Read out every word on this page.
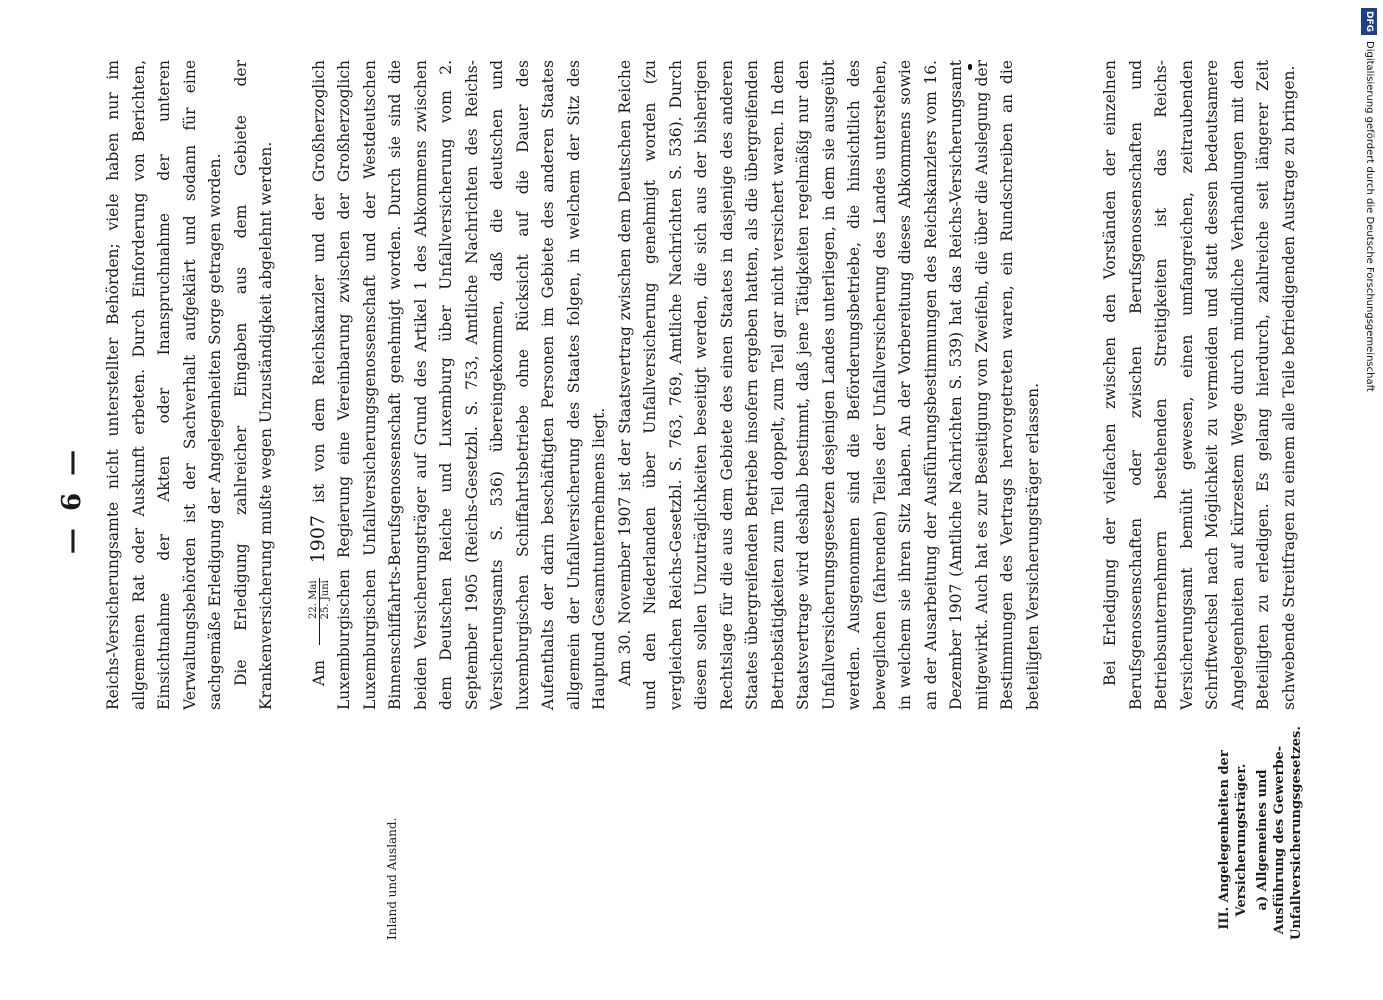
— 6 —
Inland und Ausland.	III. Angelegenheiten der Versicherungsträger. a) Allgemeines und Ausführung des Gewerbe-Unfallversicherungsgesetzes.

Reichs-Versicherungsamte nicht unterstellter Behörden; viele haben nur im allgemeinen Rat oder Auskunft erbeten. Durch Einforderung von Berichten, Einsichtnahme der Akten oder Inanspruchnahme der unteren Verwaltungsbehörden ist der Sachverhalt aufgeklärt und sodann für eine sachgemäße Erledigung der Angelegenheiten Sorge getragen worden. Die Erledigung zahlreicher Eingaben aus dem Gebiete der Krankenversicherung mußte wegen Unzuständigkeit abgelehnt werden. Am
22. Mai 25. Juni
1907 ist von dem Reichskanzler und der Großherzoglich Luxemburgischen Regierung eine Vereinbarung zwischen der Großherzoglich Luxemburgischen Unfallversicherungsgenossenschaft und der Westdeutschen Binnenschiffahrts-Berufsgenossenschaft genehmigt worden. Durch sie sind die beiden Versicherungsträger auf Grund des Artikel 1 des Abkommens zwischen dem Deutschen Reiche und Luxemburg über Unfallversicherung vom 2. September 1905 (Reichs-Gesetzbl. S. 753, Amtliche Nachrichten des Reichs-Versicherungsamts S. 536) übereingekommen, daß die deutschen und luxemburgischen Schiffahrtsbetriebe ohne Rücksicht auf die Dauer des Aufenthalts der darin beschäftigten Personen im Gebiete des anderen Staates allgemein der Unfallversicherung des Staates folgen, in welchem der Sitz des Hauptund Gesamtunternehmens liegt. Am 30. November 1907 ist der Staatsvertrag zwischen dem Deutschen Reiche und den Niederlanden über Unfallversicherung genehmigt worden (zu vergleichen Reichs-Gesetzbl. S. 763, 769, Amtliche Nachrichten S. 536). Durch diesen sollen Unzuträglichkeiten beseitigt werden, die sich aus der bisherigen Rechtslage für die aus dem Gebiete des einen Staates in dasjenige des anderen Staates übergreifenden Betriebe insofern ergeben hatten, als die übergreifenden Betriebstätigkeiten zum Teil doppelt, zum Teil gar nicht versichert waren. In dem Staatsvertrage wird deshalb bestimmt, daß jene Tätigkeiten regelmäßig nur den Unfallversicherungsgesetzen desjenigen Landes unterliegen, in dem sie ausgeübt werden. Ausgenommen sind die Beförderungsbetriebe, die hinsichtlich des beweglichen (fahrenden) Teiles der Unfallversicherung des Landes unterstehen, in welchem sie ihren Sitz haben. An der Vorbereitung dieses Abkommens sowie an der Ausarbeitung der Ausführungsbestimmungen des Reichskanzlers vom 16. Dezember 1907 (Amtliche Nachrichten S. 539) hat das Reichs-Versicherungsamt mitgewirkt. Auch hat es zur Beseitigung von Zweifeln, die über die Auslegung der Bestimmungen des Vertrags hervorgetreten waren, ein Rundschreiben an die beteiligten Versicherungsträger erlassen.	Bei Erledigung der vielfachen zwischen den Vorständen der einzelnen Berufsgenossenschaften oder zwischen Berufsgenossenschaften und Betriebsunternehmern bestehenden Streitigkeiten ist das Reichs-Versicherungsamt bemüht gewesen, einen umfangreichen, zeitraubenden Schriftwechsel nach Möglichkeit zu vermeiden und statt dessen bedeutsamere Angelegenheiten auf kürzestem Wege durch mündliche Verhandlungen mit den Beteiligten zu erledigen. Es gelang hierdurch, zahlreiche seit längerer Zeit schwebende Streitfragen zu einem alle Teile befriedigenden Austrage zu bringen.

DFGDigitalisierung gefördert durch die Deutsche Forschungsgemeinschaft
